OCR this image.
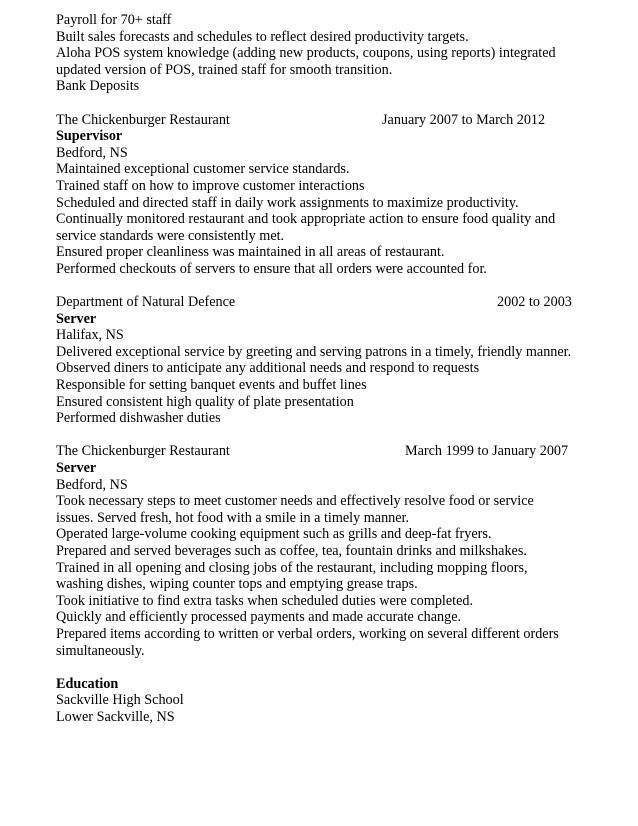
Payroll for 70+ staff
Built sales forecasts and schedules to reflect desired productivity targets.
Aloha POS system knowledge (adding new products, coupons, using reports) integrated
updated version of POS, trained staff for smooth transition.
Bank Deposits
The Chickenburger Restaurant	January 2007 to March 2012
Supervisor
Bedford, NS
Maintained exceptional customer service standards.
Trained staff on how to improve customer interactions
Scheduled and directed staff in daily work assignments to maximize productivity.
Continually monitored restaurant and took appropriate action to ensure food quality and
service standards were consistently met.
Ensured proper cleanliness was maintained in all areas of restaurant.
Performed checkouts of servers to ensure that all orders were accounted for.
Department of Natural Defence	2002 to 2003
Server
Halifax, NS
Delivered exceptional service by greeting and serving patrons in a timely, friendly manner.
Observed diners to anticipate any additional needs and respond to requests
Responsible for setting banquet events and buffet lines
Ensured consistent high quality of plate presentation
Performed dishwasher duties
The Chickenburger Restaurant	March 1999 to January 2007
Server
Bedford, NS
Took necessary steps to meet customer needs and effectively resolve food or service
issues. Served fresh, hot food with a smile in a timely manner.
Operated large-volume cooking equipment such as grills and deep-fat fryers.
Prepared and served beverages such as coffee, tea, fountain drinks and milkshakes.
Trained in all opening and closing jobs of the restaurant, including mopping floors,
washing dishes, wiping counter tops and emptying grease traps.
Took initiative to find extra tasks when scheduled duties were completed.
Quickly and efficiently processed payments and made accurate change.
Prepared items according to written or verbal orders, working on several different orders
simultaneously.
Education
Sackville High School
Lower Sackville, NS
